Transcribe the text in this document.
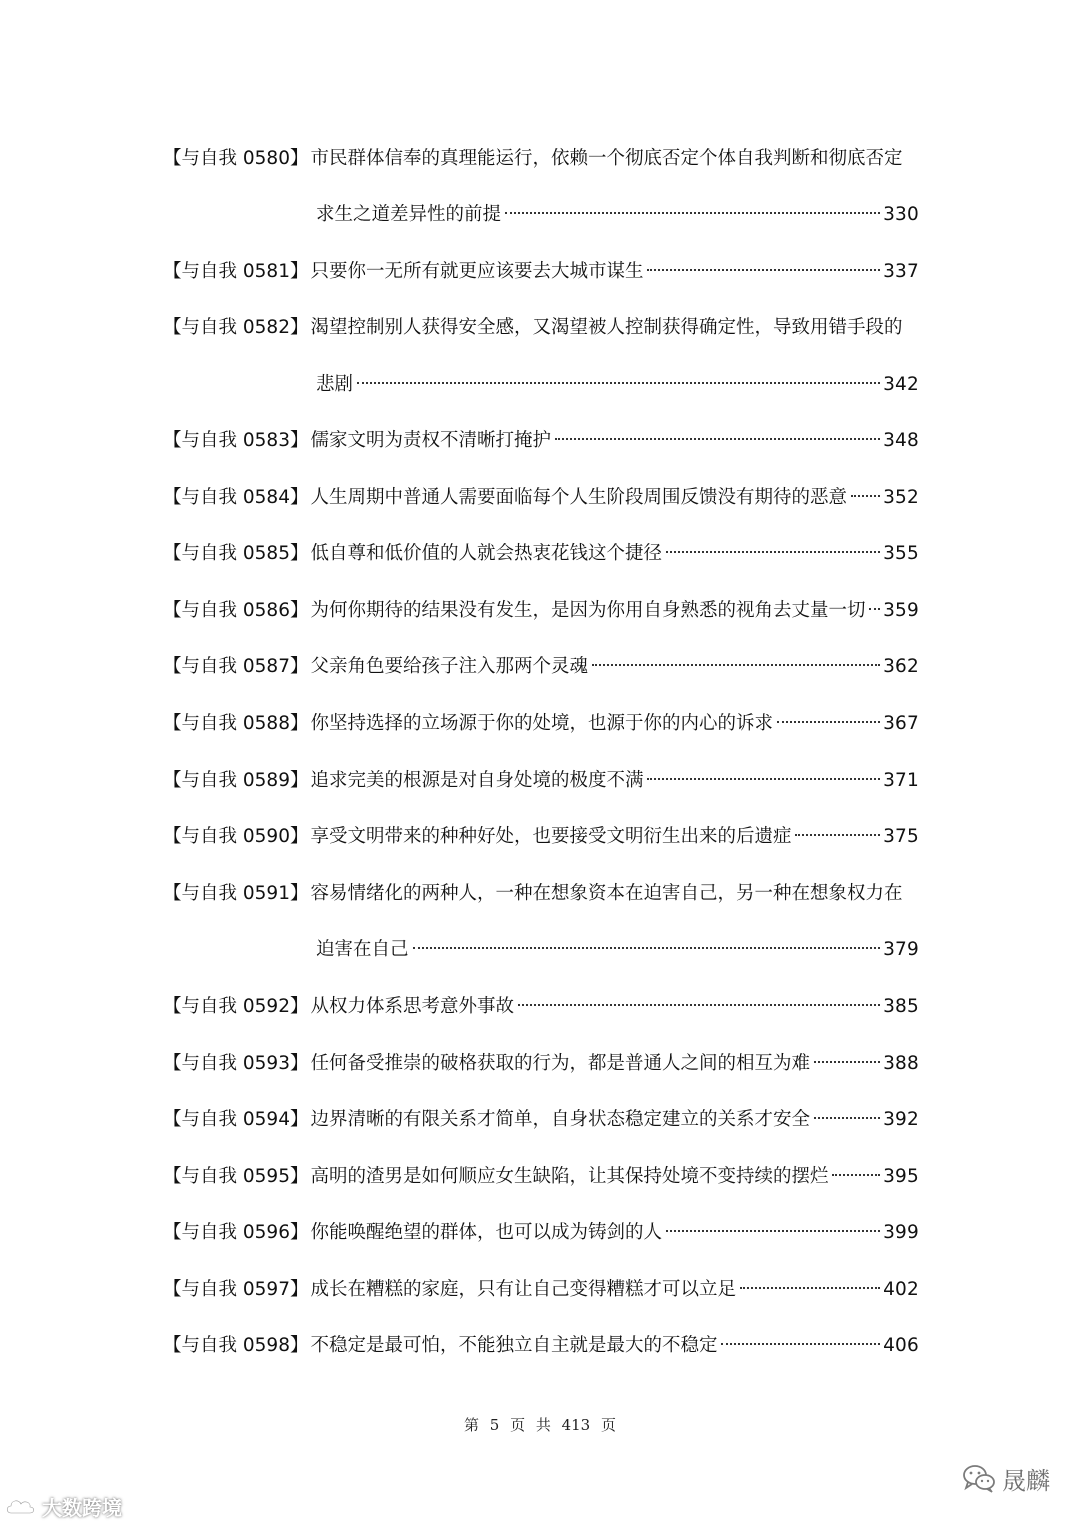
【与自我 0580】 市民群体信奉的真理能运行，依赖一个彻底否定个体自我判断和彻底否定
求生之道差异性的前提	330
【与自我 0581】 只要你一无所有就更应该要去大城市谋生	337
【与自我 0582】 渴望控制别人获得安全感，又渴望被人控制获得确定性，导致用错手段的
悲剧	342
【与自我 0583】 儒家文明为责权不清晰打掩护	348
【与自我 0584】 人生周期中普通人需要面临每个人生阶段周围反馈没有期待的恶意 352
【与自我 0585】 低自尊和低价值的人就会热衷花钱这个捷径	355
【与自我 0586】 为何你期待的结果没有发生，是因为你用自身熟悉的视角去丈量一切 359
【与自我 0587】 父亲角色要给孩子注入那两个灵魂	362
【与自我 0588】 你坚持选择的立场源于你的处境，也源于你的内心的诉求	367
【与自我 0589】 追求完美的根源是对自身处境的极度不满	371
【与自我 0590】 享受文明带来的种种好处，也要接受文明衍生出来的后遗症	375
【与自我 0591】 容易情绪化的两种人，一种在想象资本在迫害自己，另一种在想象权力在
迫害在自己	379
【与自我 0592】 从权力体系思考意外事故	385
【与自我 0593】 任何备受推崇的破格获取的行为，都是普通人之间的相互为难	388
【与自我 0594】 边界清晰的有限关系才简单，自身状态稳定建立的关系才安全	392
【与自我 0595】 高明的渣男是如何顺应女生缺陷，让其保持处境不变持续的摆烂	395
【与自我 0596】 你能唤醒绝望的群体，也可以成为铸剑的人	399
【与自我 0597】 成长在糟糕的家庭，只有让自己变得糟糕才可以立足	402
【与自我 0598】 不稳定是最可怕，不能独立自主就是最大的不稳定	406
第 5 页 共 413 页
大数跨境
晟麟
